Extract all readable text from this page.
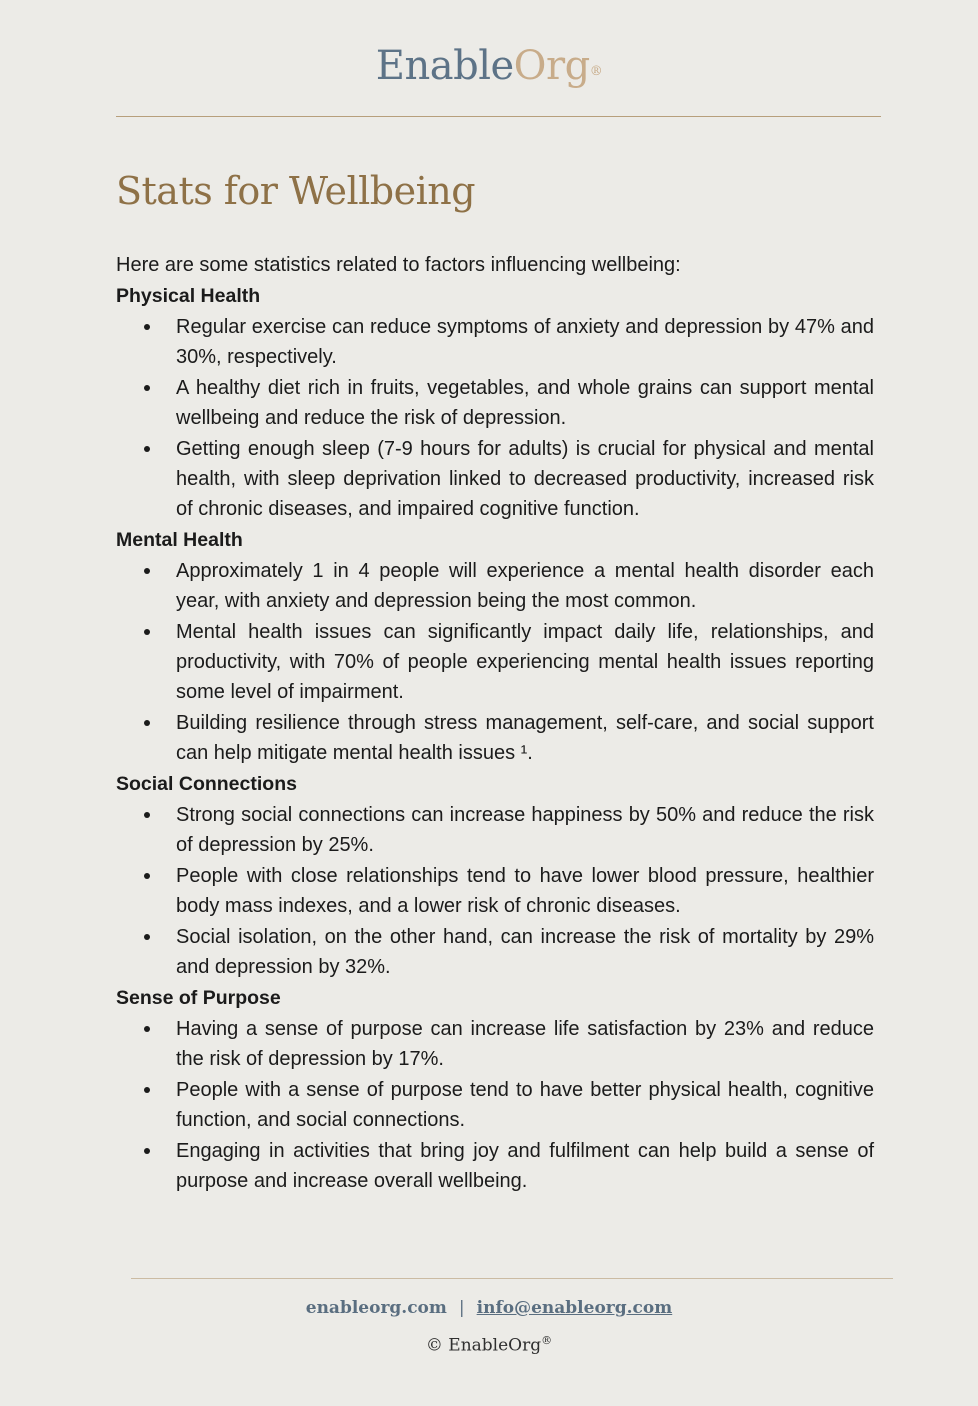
EnableOrg®
Stats for Wellbeing

Here are some statistics related to factors influencing wellbeing:

Physical Health
Regular exercise can reduce symptoms of anxiety and depression by 47% and 30%, respectively.
A healthy diet rich in fruits, vegetables, and whole grains can support mental wellbeing and reduce the risk of depression.
Getting enough sleep (7-9 hours for adults) is crucial for physical and mental health, with sleep deprivation linked to decreased productivity, increased risk of chronic diseases, and impaired cognitive function.
Mental Health
Approximately 1 in 4 people will experience a mental health disorder each year, with anxiety and depression being the most common.
Mental health issues can significantly impact daily life, relationships, and productivity, with 70% of people experiencing mental health issues reporting some level of impairment.
Building resilience through stress management, self-care, and social support can help mitigate mental health issues ¹.
Social Connections
Strong social connections can increase happiness by 50% and reduce the risk of depression by 25%.
People with close relationships tend to have lower blood pressure, healthier body mass indexes, and a lower risk of chronic diseases.
Social isolation, on the other hand, can increase the risk of mortality by 29% and depression by 32%.
Sense of Purpose
Having a sense of purpose can increase life satisfaction by 23% and reduce the risk of depression by 17%.
People with a sense of purpose tend to have better physical health, cognitive function, and social connections.
Engaging in activities that bring joy and fulfilment can help build a sense of purpose and increase overall wellbeing.
enableorg.com | info@enableorg.com
© EnableOrg®
